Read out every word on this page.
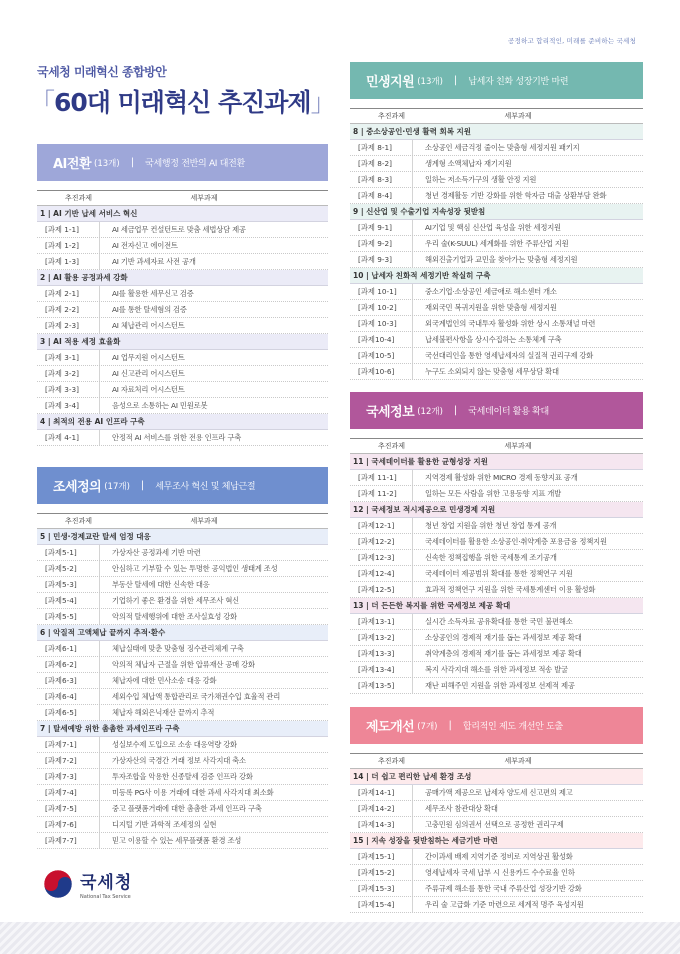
공정하고 합리적인, 미래를 준비하는 국세청
국세청 미래혁신 종합방안
「60대 미래혁신 추진과제」
AI전환 (13개) | 국세행정 전반의 AI 대전환
추진과제	세부과제
1 | AI 기반 납세 서비스 혁신
[과제 1-1]	AI 세금업무 컨설턴트로 맞춤 세법상담 제공
[과제 1-2]	AI 전자신고 에이전트
[과제 1-3]	AI 기반 과세자료 사전 공개
2 | AI 활용 공정과세 강화
[과제 2-1]	AI를 활용한 세무신고 검증
[과제 2-2]	AI를 통한 탈세혐의 검증
[과제 2-3]	AI 체납관리 어시스턴트
3 | AI 적용 세정 효율화
[과제 3-1]	AI 업무지원 어시스턴트
[과제 3-2]	AI 신고관리 어시스턴트
[과제 3-3]	AI 자료처리 어시스턴트
[과제 3-4]	음성으로 소통하는 AI 민원로봇
4 | 최적의 전용 AI 인프라 구축
[과제 4-1]	안정적 AI 서비스를 위한 전용 인프라 구축
조세정의 (17개) | 세무조사 혁신 및 체납근절
추진과제	세부과제
5 | 민생·경제교란 탈세 엄정 대응
[과제5-1]	가상자산 공정과세 기반 마련
[과제5-2]	안심하고 기부할 수 있는 투명한 공익법인 생태계 조성
[과제5-3]	부동산 탈세에 대한 신속한 대응
[과제5-4]	기업하기 좋은 환경을 위한 세무조사 혁신
[과제5-5]	악의적 탈세행위에 대한 조사실효성 강화
6 | 악질적 고액체납 끝까지 추적·환수
[과제6-1]	체납실태에 맞춘 맞춤형 징수관리체계 구축
[과제6-2]	악의적 체납자 근절을 위한 압류재산 공매 강화
[과제6-3]	체납자에 대한 민사소송 대응 강화
[과제6-4]	세외수입 체납액 통합관리로 국가채권수입 효율적 관리
[과제6-5]	체납자 해외은닉재산 끝까지 추적
7 | 탈세예방 위한 촘촘한 과세인프라 구축
[과제7-1]	성실보수제 도입으로 소송 대응역량 강화
[과제7-2]	가상자산의 국경간 거래 정보 사각지대 축소
[과제7-3]	투자조합을 악용한 신종탈세 검증 인프라 강화
[과제7-4]	미등록 PG사 이용 거래에 대한 과세 사각지대 최소화
[과제7-5]	중고 플랫폼거래에 대한 촘촘한 과세 인프라 구축
[과제7-6]	디지털 기반 과학적 조세정의 실현
[과제7-7]	믿고 이용할 수 있는 세무플랫폼 환경 조성
민생지원 (13개) | 납세자 친화 성장기반 마련
추진과제	세부과제
8 | 중소상공인·민생 활력 회복 지원
[과제 8-1]	소상공인 세금걱정 줄이는 맞춤형 세정지원 패키지
[과제 8-2]	생계형 소액체납자 재기지원
[과제 8-3]	일하는 저소득가구의 생활 안정 지원
[과제 8-4]	청년 경제활동 기반 강화를 위한 학자금 대출 상환부담 완화
9 | 신산업 및 수출기업 지속성장 뒷받침
[과제 9-1]	AI기업 및 핵심 신산업 육성을 위한 세정지원
[과제 9-2]	우리 술(K-SUUL) 세계화를 위한 주류산업 지원
[과제 9-3]	해외진출기업과 교민을 찾아가는 맞춤형 세정지원
10 | 납세자 친화적 세정기반 착실히 구축
[과제 10-1]	중소기업·소상공인 세금애로 해소센터 개소
[과제 10-2]	재외국민 복귀지원을 위한 맞춤형 세정지원
[과제 10-3]	외국계법인의 국내투자 활성화 위한 상시 소통채널 마련
[과제10-4]	납세불편사항을 상시수집하는 소통체계 구축
[과제10-5]	국선대리인을 통한 영세납세자의 실질적 권리구제 강화
[과제10-6]	누구도 소외되지 않는 맞춤형 세무상담 확대
국세정보 (12개) | 국세데이터 활용 확대
추진과제	세부과제
11 | 국세데이터를 활용한 균형성장 지원
[과제 11-1]	지역경제 활성화 위한 MICRO 경제 동향지표 공개
[과제 11-2]	일하는 모든 사람을 위한 고용동향 지표 개발
12 | 국세정보 적시제공으로 민생경제 지원
[과제12-1]	청년 창업 지원을 위한 청년 창업 통계 공개
[과제12-2]	국세데이터를 활용한 소상공인·취약계층 포용금융 정책지원
[과제12-3]	신속한 정책집행을 위한 국세통계 조기공개
[과제12-4]	국세데이터 제공범위 확대를 통한 정책연구 지원
[과제12-5]	효과적 정책연구 지원을 위한 국세통계센터 이용 활성화
13 | 더 든든한 복지를 위한 국세정보 제공 확대
[과제13-1]	실시간 소득자료 공유확대를 통한 국민 불편해소
[과제13-2]	소상공인의 경제적 재기를 돕는 과세정보 제공 확대
[과제13-3]	취약계층의 경제적 재기를 돕는 과세정보 제공 확대
[과제13-4]	복지 사각지대 해소를 위한 과세정보 적송 발굴
[과제13-5]	재난 피해주민 지원을 위한 과세정보 선제적 제공
제도개선 (7개) | 합리적인 제도 개선안 도출
추진과제	세부과제
14 | 더 쉽고 편리한 납세 환경 조성
[과제14-1]	공매가액 제공으로 납세자 양도세 신고편의 제고
[과제14-2]	세무조사 참관대상 확대
[과제14-3]	고충민원 심의권서 선택으로 공정한 권리구제
15 | 지속 성장을 뒷받침하는 세금기반 마련
[과제15-1]	간이과세 배제 지역기준 정비로 지역상권 활성화
[과제15-2]	영세납세자 국세 납부 시 신용카드 수수료율 인하
[과제15-3]	주류규제 해소를 통한 국내 주류산업 성장기반 강화
[과제15-4]	우리 술 고급화 기준 마련으로 세계적 명주 육성지원
국세청
National Tax Service
